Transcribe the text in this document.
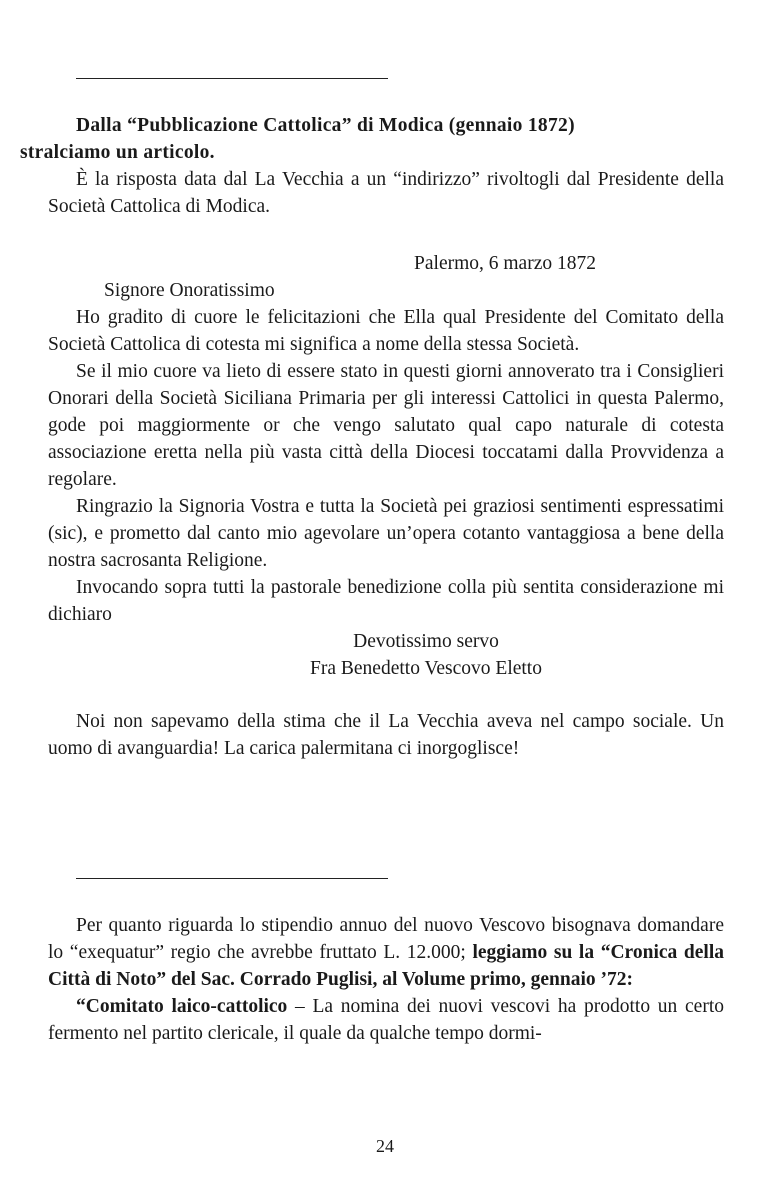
Dalla “Pubblicazione Cattolica” di Modica (gennaio 1872)
stralciamo un articolo.

È la risposta data dal La Vecchia a un “indirizzo” rivoltogli dal Presidente della Società Cattolica di Modica.

Palermo, 6 marzo 1872

Signore Onoratissimo

Ho gradito di cuore le felicitazioni che Ella qual Presidente del Comitato della Società Cattolica di cotesta mi significa a nome della stessa Società.

Se il mio cuore va lieto di essere stato in questi giorni annoverato tra i Consiglieri Onorari della Società Siciliana Primaria per gli interessi Cattolici in questa Palermo, gode poi maggiormente or che vengo salutato qual capo naturale di cotesta associazione eretta nella più vasta città della Diocesi toccatami dalla Provvidenza a regolare.

Ringrazio la Signoria Vostra e tutta la Società pei graziosi sentimenti espressatimi (sic), e prometto dal canto mio agevolare un’opera cotanto vantaggiosa a bene della nostra sacrosanta Religione.

Invocando sopra tutti la pastorale benedizione colla più sentita considerazione mi dichiaro

Devotissimo servo

Fra Benedetto Vescovo Eletto

Noi non sapevamo della stima che il La Vecchia aveva nel campo sociale. Un uomo di avanguardia! La carica palermitana ci inorgoglisce!

Per quanto riguarda lo stipendio annuo del nuovo Vescovo bisognava domandare lo “exequatur” regio che avrebbe fruttato L. 12.000; leggiamo su la “Cronica della Città di Noto” del Sac. Corrado Puglisi, al Volume primo, gennaio ’72:

“Comitato laico-cattolico – La nomina dei nuovi vescovi ha prodotto un certo fermento nel partito clericale, il quale da qualche tempo dormi-

24
